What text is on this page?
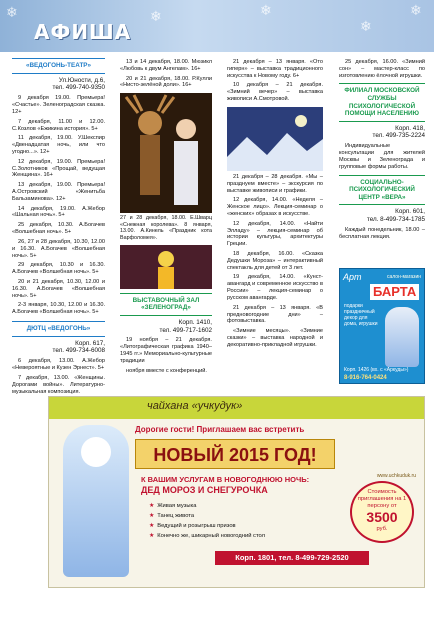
❄	❄	❄
❄
❄
АФИША
«ВЕДОГОНЬ-ТЕАТР»
Ул.Юности, д.6,
тел. 499-740-9350
9 декабря 19.00. Премьера! «Счастье». Зеленоградская сказка. 12+
7 декабря, 11.00 и 12.00. С.Козлов «Ежикина история». 5+
11 декабря, 19.00. У.Шекспир «Двенадцатая ночь, или что угодно...». 12+
12 декабря, 19.00. Премьера! С.Золотников «Прощай, ведущая Женщина». 16+
13 декабря, 19.00. Премьера! А.Островский «Женитьба Бальзаминова». 12+
14 декабря, 19.00. А.Жебор «Шальная ночь». 5+
25 декабря, 10.30. А.Богачев «Волшебная ночь». 5+
26, 27 и 28 декабря, 10.30, 12.00 и 16.30. А.Богачев «Волшебная ночь». 5+
29 декабря, 10.30 и 16.30. А.Богачев «Волшебная ночь». 5+
20 и 21 декабря, 10.30, 12.00 и 16.30. А.Богачев «Волшебная ночь». 5+
2-3 января, 10.30, 12.00 и 16.30. А.Богачев «Волшебная ночь». 5+
ДЮТЦ «ВЕДОГОНЬ»
Корп. 617,
тел. 499-734-6008
6 декабря, 13.00. А.Жебор «Невероятные и Кузен Эрнест». 5+
7 декабря, 13.00. «Женщины. Дорогами войны». Литературно-музыкальная композиция.
13 и 14 декабря, 18.00. Мюзикл «Любовь к двум Ангелам». 16+
20 и 21 декабря, 18.00. Р.Кулли «Нисто-зелёной доли». 16+
27 и 28 декабря, 18.00. Е.Шварц «Снежная королева». 8 января, 13.00. А.Кинель «Праздник кота Варфоломея».
ВЫСТАВОЧНЫЙ ЗАЛ «ЗЕЛЕНОГРАД»
Корп. 1410,
тел. 499-717-1602
19 ноября – 21 декабря. «Литографическая графика 1940–1945 гг.» Мемориально-культурные традиции
ноября вместе с конференций.
21 декабря – 13 января. «Ото гиперн» – выставка традиционного искусства к Новому году. 6+
10 декабря – 21 декабря. «Зимний вечер» – выставка живописи А.Смотровой.
21 декабря – 28 декабря. «Мы – празднуем вместе» – экскурсия по выставке живописи и графики.
12 декабря, 14.00. «Неделя – Женское лицо». Лекция-семинар о «женских» образах в искусстве.
12 декабря, 14.00. «Найти Элладу» – лекция-семинар об истории культуры, архитектуры Греции.
18 декабря, 16.00. «Сказка Дедушки Мороза» – интерактивный спектакль для детей от 3 лет.
19 декабря, 14.00. «Кунст-авангард и современное искусство в России» – лекция-семинар о русском авангарде.
21 декабря – 13 января. «В предновогодние дни» – фотовыставка.
«Зимние месяцы». «Зимние сказки» – выставка народной и декоративно-прикладной игрушки.
25 декабря, 16.00. «Зимний сон» – мастер-класс по изготовлению ёлочной игрушки.
ФИЛИАЛ МОСКОВСКОЙ СЛУЖБЫ ПСИХОЛОГИЧЕСКОЙ ПОМОЩИ НАСЕЛЕНИЮ
Корп. 418,
тел. 499-735-2224
Индивидуальные консультации для жителей Москвы и Зеленограда и групповые формы работы.
СОЦИАЛЬНО-ПСИХОЛОГИЧЕСКИЙ ЦЕНТР «ВЕРА»
Корп. 601,
тел. 8-499-734-1785
Каждый понедельник, 18.00 – бесплатная лекция.
Арт	салон-магазин
БАРТА
подарки праздничный декор для дома, игрушки
Корп. 1426 (вх. с «Аркуды»)
8-916-764-0424
чайхана «учкудук»
Дорогие гости! Приглашаем вас встретить
НОВЫЙ 2015 ГОД!
К ВАШИМ УСЛУГАМ В НОВОГОДНЮЮ НОЧЬ:
ДЕД МОРОЗ И СНЕГУРОЧКА
★ Живая музыка
★ Танец живота
★ Ведущий и розыгрыш призов
★ Конечно же, шикарный новогодний стол
www.uchkuduk.ru
Стоимость приглашения на 1 персону от
3500
руб.
Корп. 1801, тел. 8-499-729-2520
